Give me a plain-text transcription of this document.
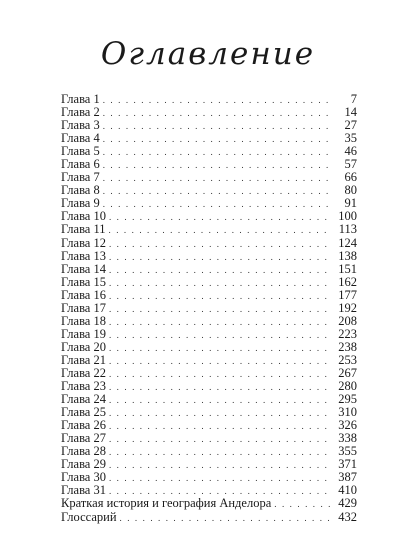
Оглавление
Глава 1 . . .	7
Глава 2 . . .	14
Глава 3 . . .	27
Глава 4 . . .	35
Глава 5 . . .	46
Глава 6 . . .	57
Глава 7 . . .	66
Глава 8 . . .	80
Глава 9 . . .	91
Глава 10 . . .	100
Глава 11 . . .	113
Глава 12 . . .	124
Глава 13 . . .	138
Глава 14 . . .	151
Глава 15 . . .	162
Глава 16 . . .	177
Глава 17 . . .	192
Глава 18 . . .	208
Глава 19 . . .	223
Глава 20 . . .	238
Глава 21 . . .	253
Глава 22 . . .	267
Глава 23 . . .	280
Глава 24 . . .	295
Глава 25 . . .	310
Глава 26 . . .	326
Глава 27 . . .	338
Глава 28 . . .	355
Глава 29 . . .	371
Глава 30 . . .	387
Глава 31 . . .	410
Краткая история и география Анделора . . .	429
Глоссарий . . .	432
